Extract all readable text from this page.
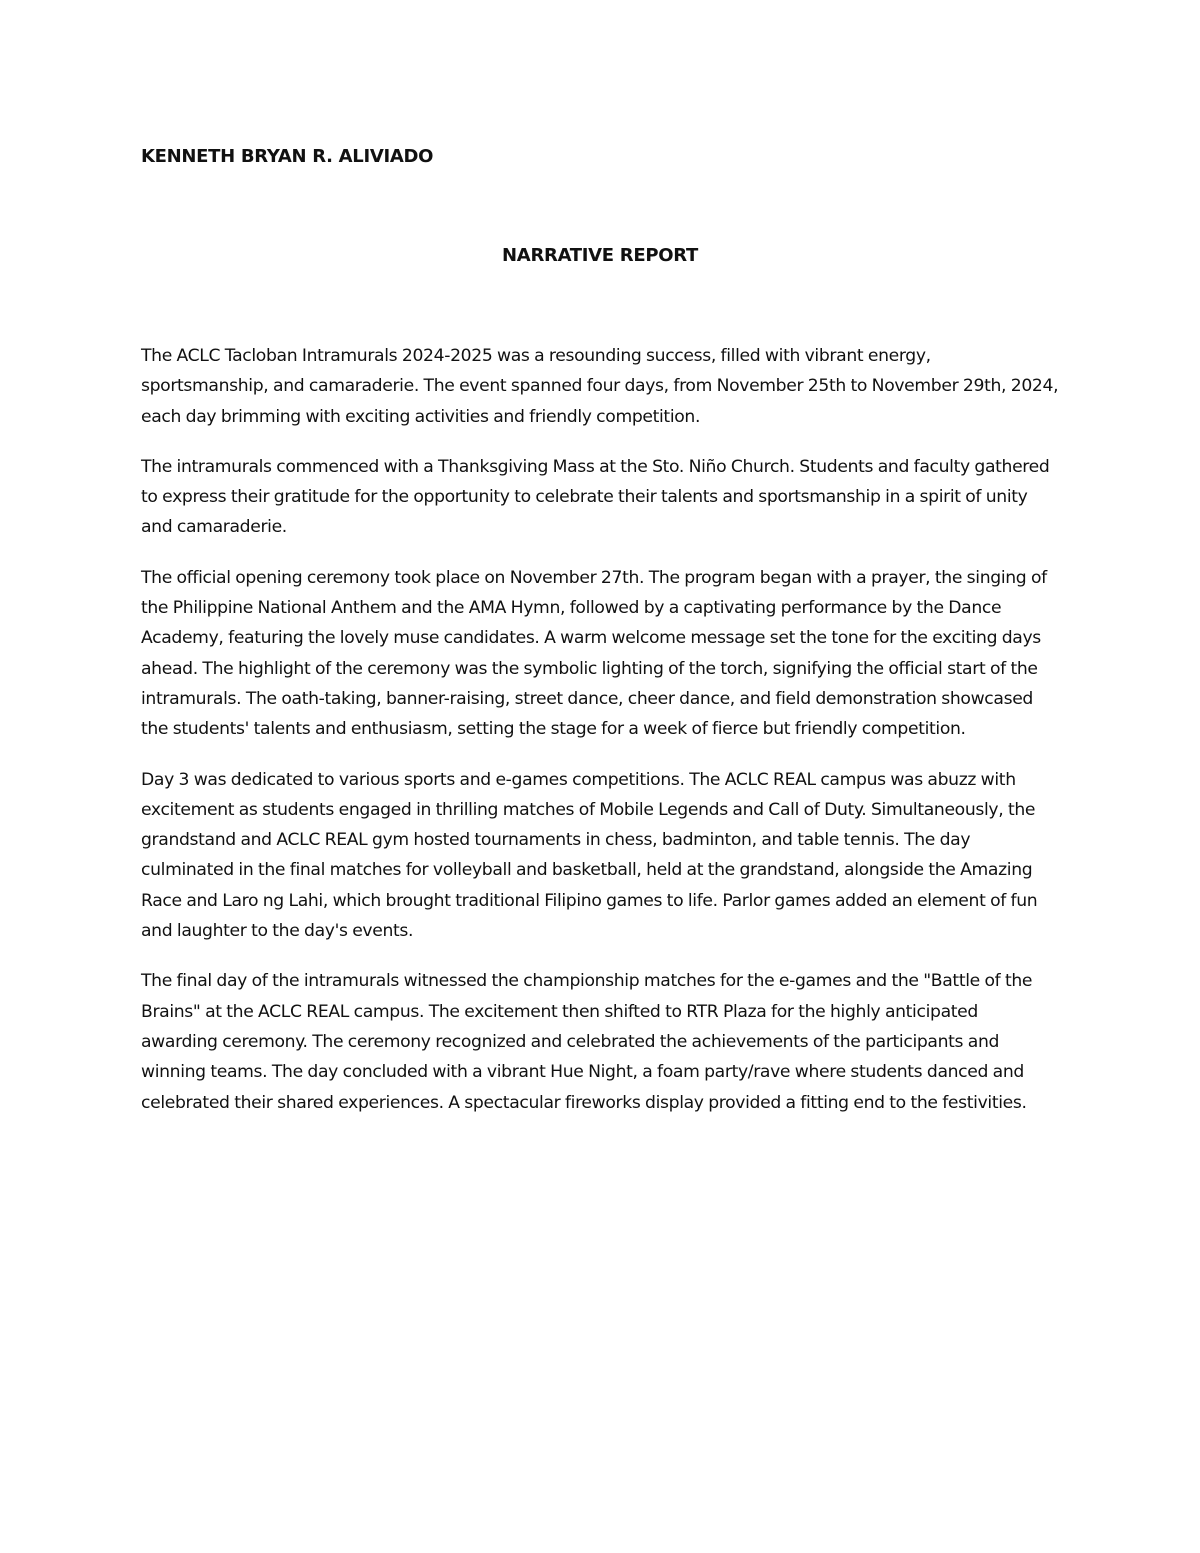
KENNETH BRYAN R. ALIVIADO

NARRATIVE REPORT

The ACLC Tacloban Intramurals 2024-2025 was a resounding success, filled with vibrant energy, sportsmanship, and camaraderie. The event spanned four days, from November 25th to November 29th, 2024, each day brimming with exciting activities and friendly competition.

The intramurals commenced with a Thanksgiving Mass at the Sto. Niño Church. Students and faculty gathered to express their gratitude for the opportunity to celebrate their talents and sportsmanship in a spirit of unity and camaraderie.

The official opening ceremony took place on November 27th. The program began with a prayer, the singing of the Philippine National Anthem and the AMA Hymn, followed by a captivating performance by the Dance Academy, featuring the lovely muse candidates. A warm welcome message set the tone for the exciting days ahead. The highlight of the ceremony was the symbolic lighting of the torch, signifying the official start of the intramurals. The oath-taking, banner-raising, street dance, cheer dance, and field demonstration showcased the students' talents and enthusiasm, setting the stage for a week of fierce but friendly competition.

Day 3 was dedicated to various sports and e-games competitions. The ACLC REAL campus was abuzz with excitement as students engaged in thrilling matches of Mobile Legends and Call of Duty. Simultaneously, the grandstand and ACLC REAL gym hosted tournaments in chess, badminton, and table tennis. The day culminated in the final matches for volleyball and basketball, held at the grandstand, alongside the Amazing Race and Laro ng Lahi, which brought traditional Filipino games to life. Parlor games added an element of fun and laughter to the day's events.

The final day of the intramurals witnessed the championship matches for the e-games and the "Battle of the Brains" at the ACLC REAL campus. The excitement then shifted to RTR Plaza for the highly anticipated awarding ceremony. The ceremony recognized and celebrated the achievements of the participants and winning teams. The day concluded with a vibrant Hue Night, a foam party/rave where students danced and celebrated their shared experiences. A spectacular fireworks display provided a fitting end to the festivities.
